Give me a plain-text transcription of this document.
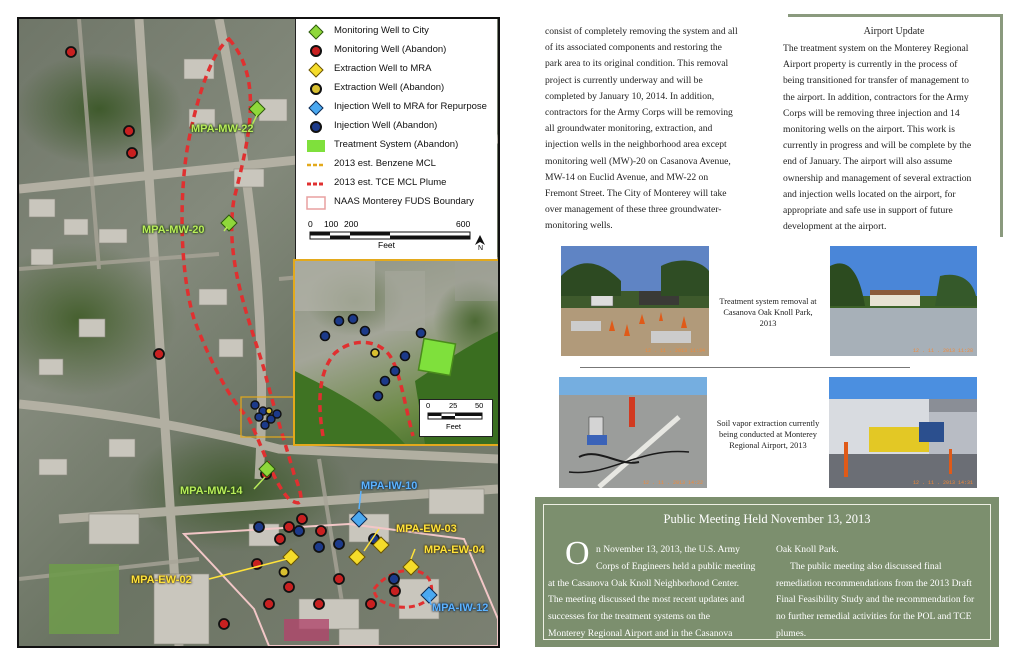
MPA-MW-22
MPA-MW-20
MPA-MW-14	MPA-IW-10
MPA-EW-03
MPA-EW-04
MPA-EW-02
MPA-IW-12
Monitoring Well to City
Monitoring Well (Abandon)
Extraction Well to MRA
Extraction Well (Abandon)
Injection Well to MRA for Repurpose
Injection Well (Abandon)
Treatment System (Abandon)
2013 est. Benzene MCL
2013 est. TCE MCL Plume
NAAS Monterey FUDS Boundary
0 100 200	600
Feet	N
0	25 50
Feet
consist of completely removing the system and all
of its associated components and restoring the
park area to its original condition. This removal
project is currently underway and will be
completed by January 10, 2014. In addition,
contractors for the Army Corps will be removing
all groundwater monitoring, extraction, and
injection wells in the neighborhood area except
monitoring well (MW)-20 on Casanova Avenue,
MW-14 on Euclid Avenue, and MW-22 on
Fremont Street. The City of Monterey will take
over management of these three groundwater-
monitoring wells.
Airport Update
The treatment system on the Monterey Regional
Airport property is currently in the process of
being transitioned for transfer of management to
the airport. In addition, contractors for the Army
Corps will be removing three injection and 14
monitoring wells on the airport. This work is
currently in progress and will be complete by the
end of January. The airport will also assume
ownership and management of several extraction
and injection wells located on the airport, for
appropriate and safe use in support of future
development at the airport.
12 . 11 . 2013 11:34
Treatment system removal at
Casanova Oak Knoll Park,
2013
12 . 11 . 2013 11:28
12 . 11 . 2013 14:22
Soil vapor extraction currently
being conducted at Monterey
Regional Airport, 2013
12 . 11 . 2013 14:31
Public Meeting Held November 13, 2013
O n November 13, 2013, the U.S. Army
Corps of Engineers held a public meeting
at the Casanova Oak Knoll Neighborhood Center.
The meeting discussed the most recent updates and
successes for the treatment systems on the
Monterey Regional Airport and in the Casanova
Oak Knoll Park.
The public meeting also discussed final
remediation recommendations from the 2013 Draft
Final Feasibility Study and the recommendation for
no further remedial activities for the POL and TCE
plumes.
